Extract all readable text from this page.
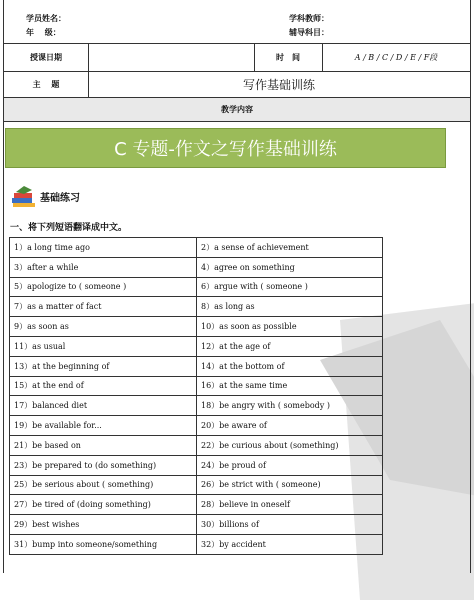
学员姓名：
年　 级：
学科教师：
辅导科目：
授课日期	时　间	A / B / C / D / E / F段
主　 题	写作基础训练
教学内容
C 专题-作文之写作基础训练
基础练习
一、将下列短语翻译成中文。
1）a long time ago	2）a sense of achievement
3）after a while	4）agree on something
5）apologize to ( someone )	6）argue with ( someone )
7）as a matter of fact	8）as long as
9）as soon as	10）as soon as possible
11）as usual	12）at the age of
13）at the beginning of	14）at the bottom of
15）at the end of	16）at the same time
17）balanced diet	18）be angry with ( somebody )
19）be available for...	20）be aware of
21）be based on	22）be curious about (something)
23）be prepared to (do something)	24）be proud of
25）be serious about ( something)	26）be strict with ( someone)
27）be tired of (doing something)	28）believe in oneself
29）best wishes	30）billions of
31）bump into someone/something	32）by accident
